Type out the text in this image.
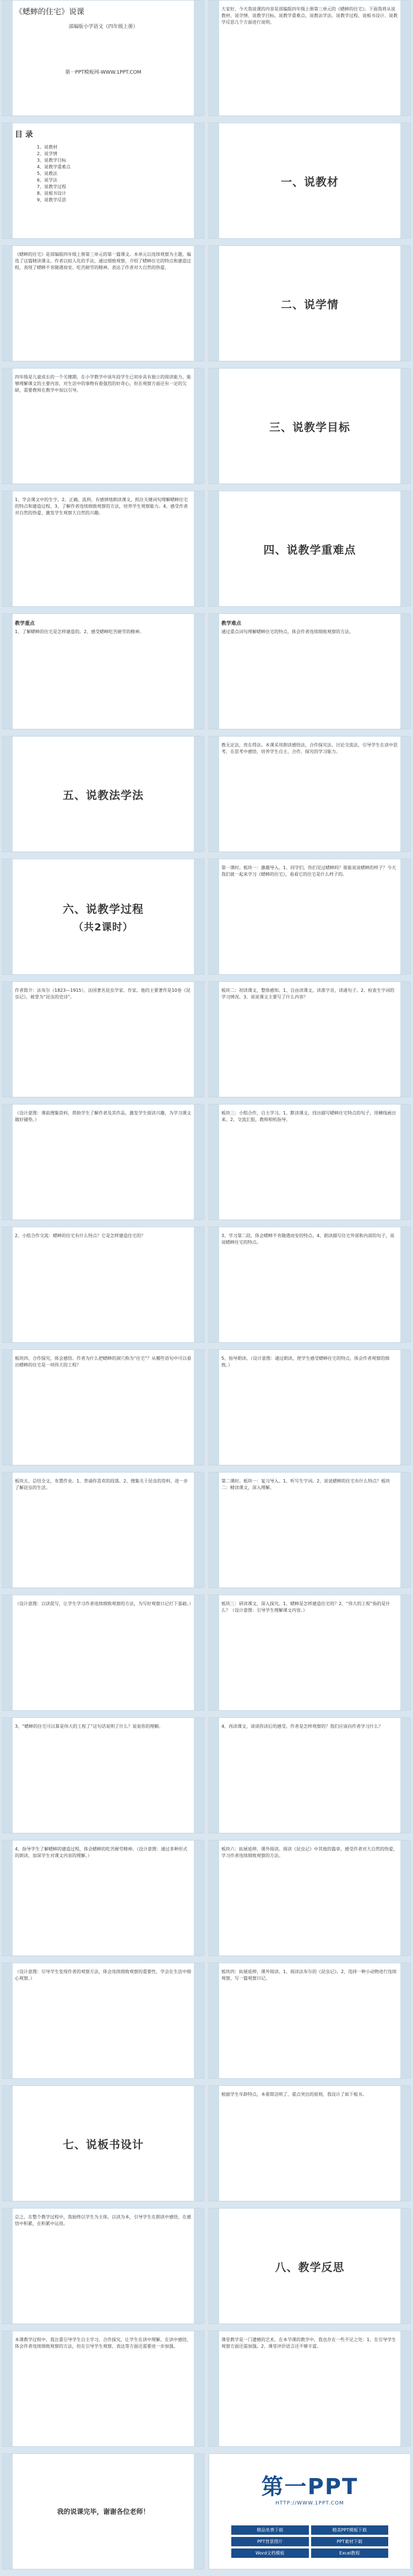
《蟋蟀的住宅》说课
部编版小学语文（四年级上册）
第一PPT模板网-WWW.1PPT.COM
目 录
1、说教材
2、说学情
3、说教学目标
4、说教学重难点
5、说教法
6、说学法
7、说教学过程
8、说板书设计
9、说教学反思
《蟋蟀的住宅》是部编版四年级上册第三单元的第一篇课文。本单元以连续观察为主题，编选了这篇精读课文。作者以拟人化的手法，通过细致观察，介绍了蟋蟀住宅的特点和建造过程，表现了蟋蟀不肯随遇而安、吃苦耐劳的精神，表达了作者对大自然的热爱。
四年级是儿童成长的一个关键期。在小学教学中该年段学生已初步具有独立的阅读能力，能够理解课文的主要内容，对生活中的事物有着强烈的好奇心，但在观察方面还有一定的欠缺，需要教师在教学中加以引导。
1、学会课文中的生字。2、正确、流利、有感情地朗读课文，抓住关键词句理解蟋蟀住宅的特点和建造过程。3、了解作者连续细致观察的方法，培养学生观察能力。4、感受作者对自然的热爱，激发学生观察大自然的兴趣。
教学重点
1、了解蟋蟀的住宅是怎样建造的。2、感受蟋蟀吃苦耐劳的精神。
五、说教法学法
六、说教学过程
（共2课时）
作者简介：法布尔（1823—1915），法国著名昆虫学家、作家。他的主要著作是10卷《昆虫记》，被誉为“昆虫的史诗”。
（设计意图：课前搜集资料，帮助学生了解作者及其作品，激发学生阅读兴趣，为学习课文做好铺垫。）
2、小组合作交流：蟋蟀的住宅有什么特点？它是怎样建造住宅的？
板块四、合作探究，体会感悟。作者为什么把蟋蟀的洞穴称为“住宅”？从哪些语句中可以看出蟋蟀的住宅是一项伟大的工程？
板块五、总结全文，布置作业。1、背诵你喜欢的段落。2、搜集关于昆虫的资料，进一步了解昆虫的生活。
（设计意图：以读促写，让学生学习作者连续细致观察的方法，为写好观察日记打下基础。）
3、“蟋蟀的住宅可以算是伟大的工程了”这句话说明了什么？说说你的理解。
4、指导学生了解蟋蟀的建造过程，体会蟋蟀的吃苦耐劳精神。（设计意图：通过多种形式的朗读，加深学生对课文内容的理解。）
（设计意图：引导学生发现作者的观察方法，体会连续细致观察的重要性，学会在生活中细心观察。）
七、说板书设计
总之，在整个教学过程中，我始终以学生为主体，以读为本，引导学生在朗读中感悟，在感悟中积累，在积累中运用。
本课教学过程中，我注重引导学生自主学习，合作探究，让学生在读中理解，在读中感悟，体会作者连续细致观察的方法，但在引导学生观察、表达等方面还需要进一步加强。
我的说课完毕，谢谢各位老师！
大家好，今天我说课的内容是部编版四年级上册第三单元的《蟋蟀的住宅》。下面我将从说教材、说学情、说教学目标、说教学重难点、说教法学法、说教学过程、说板书设计、说教学反思几个方面进行说明。
一、说教材
二、说学情
三、说教学目标
四、说教学重难点
教学难点
通过重点词句理解蟋蟀住宅的特点，体会作者连续细致观察的方法。
教无定法，贵在得法。本课采用朗读感悟法、合作探究法、讨论交流法，引导学生在读中思考、在思考中感悟，培养学生自主、合作、探究的学习能力。
第一课时。板块一：激趣导入。1、同学们，你们见过蟋蟀吗？谁能说说蟋蟀的样子？今天我们就一起来学习《蟋蟀的住宅》，看看它的住宅是什么样子的。
板块二：初读课文，整体感知。1、自由读课文，读准字音，读通句子。2、检查生字词的学习情况。3、说说课文主要写了什么内容？
板块三：小组合作，自主学习。1、默读课文，找出描写蟋蟀住宅特点的句子，用横线画出来。2、交流汇报，教师相机指导。
3、学习第二段，体会蟋蟀不肯随遇而安的特点。4、朗读描写住宅外部和内部的句子，说说蟋蟀住宅的特点。
5、指导朗读。（设计意图：通过朗读，使学生感受蟋蟀住宅的特点，体会作者观察的细致。）
第二课时。板块一：复习导入。1、听写生字词。2、说说蟋蟀的住宅有什么特点？板块二：精读课文，深入理解。
板块三：研读课文，深入探究。1、蟋蟀是怎样建造住宅的？2、“伟大的工程”指的是什么？（设计意图：引导学生理解课文内容。）
4、再读课文，谈谈你读后的感受。作者是怎样观察的？我们应该向作者学习什么？
板块六：拓展延伸，课外阅读。阅读《昆虫记》中其他的篇章，感受作者对大自然的热爱，学习作者连续细致观察的方法。
板块四：拓展延伸，课外阅读。1、阅读法布尔的《昆虫记》。2、选择一种小动物进行连续观察，写一篇观察日记。
根据学生年龄特点，本着简洁明了、重点突出的原则，我设计了如下板书。
八、教学反思
课堂教学是一门遗憾的艺术，在本节课的教学中，我也存在一些不足之处：1、在引导学生观察方面还需加强。2、课堂评价语言还不够丰富。
第一PPT
HTTP://WWW.1PPT.COM
精品免费下载	精美PPT模板下载
PPT背景图片	PPT素材下载
Word文档模板	Excel教程
